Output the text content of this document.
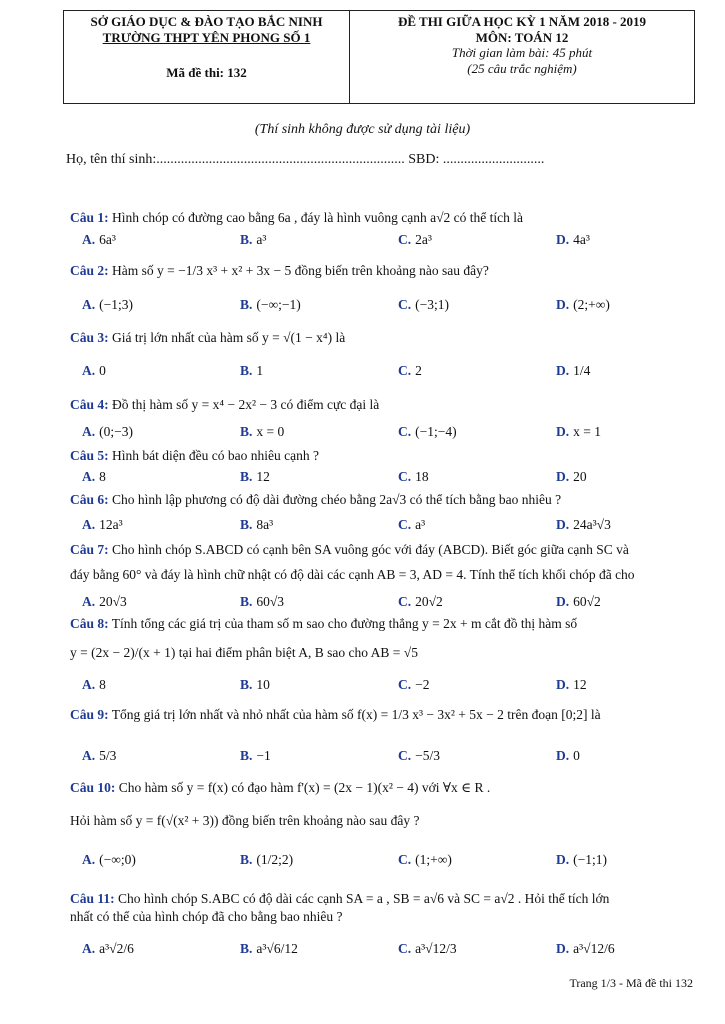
SỞ GIÁO DỤC & ĐÀO TẠO BẮC NINH
TRƯỜNG THPT YÊN PHONG SỐ 1
Mã đề thi: 132
ĐỀ THI GIỮA HỌC KỲ 1 NĂM 2018 - 2019
MÔN: TOÁN 12
Thời gian làm bài: 45 phút
(25 câu trắc nghiệm)
(Thí sinh không được sử dụng tài liệu)
Họ, tên thí sinh:....................................................................... SBD: .............................
Câu 1: Hình chóp có đường cao bằng 6a , đáy là hình vuông cạnh a√2 có thể tích là
A. 6a³	B. a³	C. 2a³	D. 4a³
Câu 2: Hàm số y = −1/3 x³ + x² + 3x − 5 đồng biến trên khoảng nào sau đây?
A. (−1;3)	B. (−∞;−1)	C. (−3;1)	D. (2;+∞)
Câu 3: Giá trị lớn nhất của hàm số y = √(1 − x⁴) là
A. 0	B. 1	C. 2	D. 1/4
Câu 4: Đồ thị hàm số y = x⁴ − 2x² − 3 có điểm cực đại là
A. (0;−3)	B. x = 0	C. (−1;−4)	D. x = 1
Câu 5: Hình bát diện đều có bao nhiêu cạnh ?
A. 8	B. 12	C. 18	D. 20
Câu 6: Cho hình lập phương có độ dài đường chéo bằng 2a√3 có thể tích bằng bao nhiêu ?
A. 12a³	B. 8a³	C. a³	D. 24a³√3
Câu 7: Cho hình chóp S.ABCD có cạnh bên SA vuông góc với đáy (ABCD). Biết góc giữa cạnh SC và
đáy bằng 60° và đáy là hình chữ nhật có độ dài các cạnh AB = 3, AD = 4. Tính thể tích khối chóp đã cho
A. 20√3	B. 60√3	C. 20√2	D. 60√2
Câu 8: Tính tổng các giá trị của tham số m sao cho đường thẳng y = 2x + m cắt đồ thị hàm số
y = (2x − 2)/(x + 1) tại hai điểm phân biệt A, B sao cho AB = √5
A. 8	B. 10	C. −2	D. 12
Câu 9: Tổng giá trị lớn nhất và nhỏ nhất của hàm số f(x) = 1/3 x³ − 3x² + 5x − 2 trên đoạn [0;2] là
A. 5/3	B. −1	C. −5/3	D. 0
Câu 10: Cho hàm số y = f(x) có đạo hàm f'(x) = (2x − 1)(x² − 4) với ∀x ∈ R .
Hỏi hàm số y = f(√(x² + 3)) đồng biến trên khoảng nào sau đây ?
A. (−∞;0)	B. (1/2;2)	C. (1;+∞)	D. (−1;1)
Câu 11: Cho hình chóp S.ABC có độ dài các cạnh SA = a , SB = a√6 và SC = a√2 . Hỏi thể tích lớn
nhất có thể của hình chóp đã cho bằng bao nhiêu ?
A. a³√2/6	B. a³√6/12	C. a³√12/3	D. a³√12/6
Trang 1/3 - Mã đề thi 132
